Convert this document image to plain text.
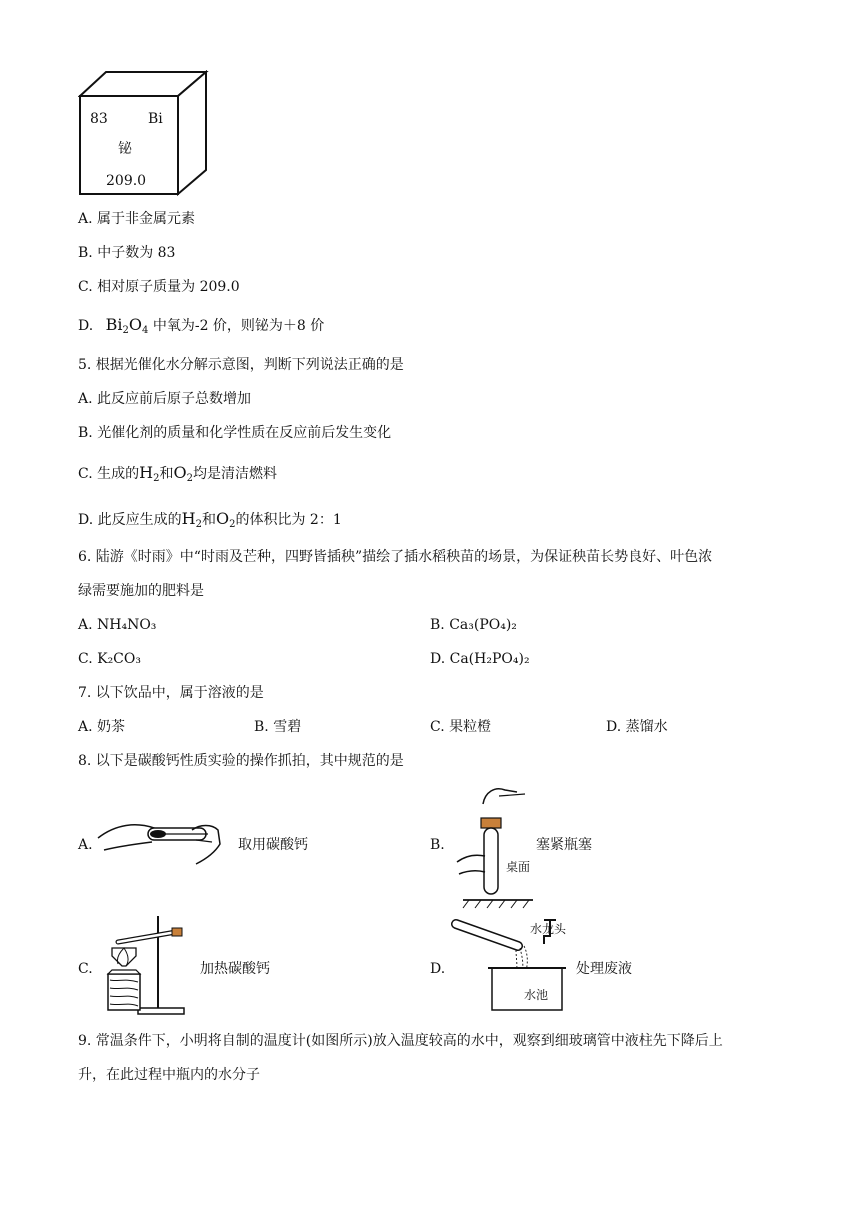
83	Bi
铋
209.0
A. 属于非金属元素
B. 中子数为 83
C. 相对原子质量为 209.0
D. $Bi_2O_4$ 中氧为-2 价，则铋为＋8 价
5. 根据光催化水分解示意图，判断下列说法正确的是
A. 此反应前后原子总数增加
B. 光催化剂的质量和化学性质在反应前后发生变化
C. 生成的$H_2$和$O_2$均是清洁燃料
D. 此反应生成的$H_2$和$O_2$的体积比为 2：1
6. 陆游《时雨》中“时雨及芒种，四野皆插秧”描绘了插水稻秧苗的场景，为保证秧苗长势良好、叶色浓
绿需要施加的肥料是
A. NH₄NO₃	B. Ca₃(PO₄)₂
C. K₂CO₃	D. Ca(H₂PO₄)₂
7. 以下饮品中，属于溶液的是
A. 奶茶	B. 雪碧	C. 果粒橙	D. 蒸馏水
8. 以下是碳酸钙性质实验的操作抓拍，其中规范的是
A.	取用碳酸钙	B.
桌面
塞紧瓶塞
C.	加热碳酸钙	D.
水龙头
水池
处理废液
9. 常温条件下，小明将自制的温度计(如图所示)放入温度较高的水中，观察到细玻璃管中液柱先下降后上
升，在此过程中瓶内的水分子
